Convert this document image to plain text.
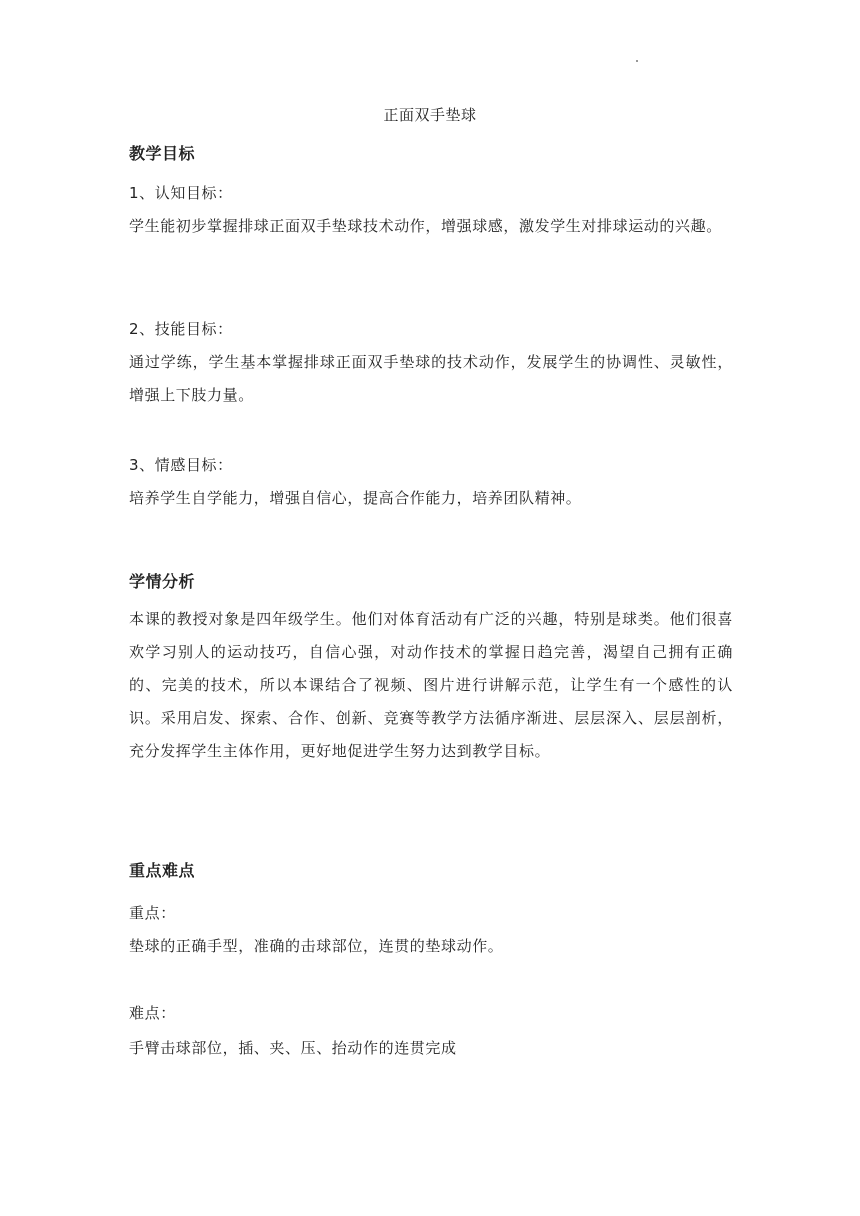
正面双手垫球
教学目标
1、认知目标：
学生能初步掌握排球正面双手垫球技术动作，增强球感，激发学生对排球运动的兴趣。
2、技能目标：
通过学练，学生基本掌握排球正面双手垫球的技术动作，发展学生的协调性、灵敏性，增强上下肢力量。
3、情感目标：
培养学生自学能力，增强自信心，提高合作能力，培养团队精神。
学情分析
本课的教授对象是四年级学生。他们对体育活动有广泛的兴趣，特别是球类。他们很喜欢学习别人的运动技巧，自信心强，对动作技术的掌握日趋完善，渴望自己拥有正确的、完美的技术，所以本课结合了视频、图片进行讲解示范，让学生有一个感性的认识。采用启发、探索、合作、创新、竞赛等教学方法循序渐进、层层深入、层层剖析，充分发挥学生主体作用，更好地促进学生努力达到教学目标。
重点难点
重点：
垫球的正确手型，准确的击球部位，连贯的垫球动作。
难点：
手臂击球部位，插、夹、压、抬动作的连贯完成
